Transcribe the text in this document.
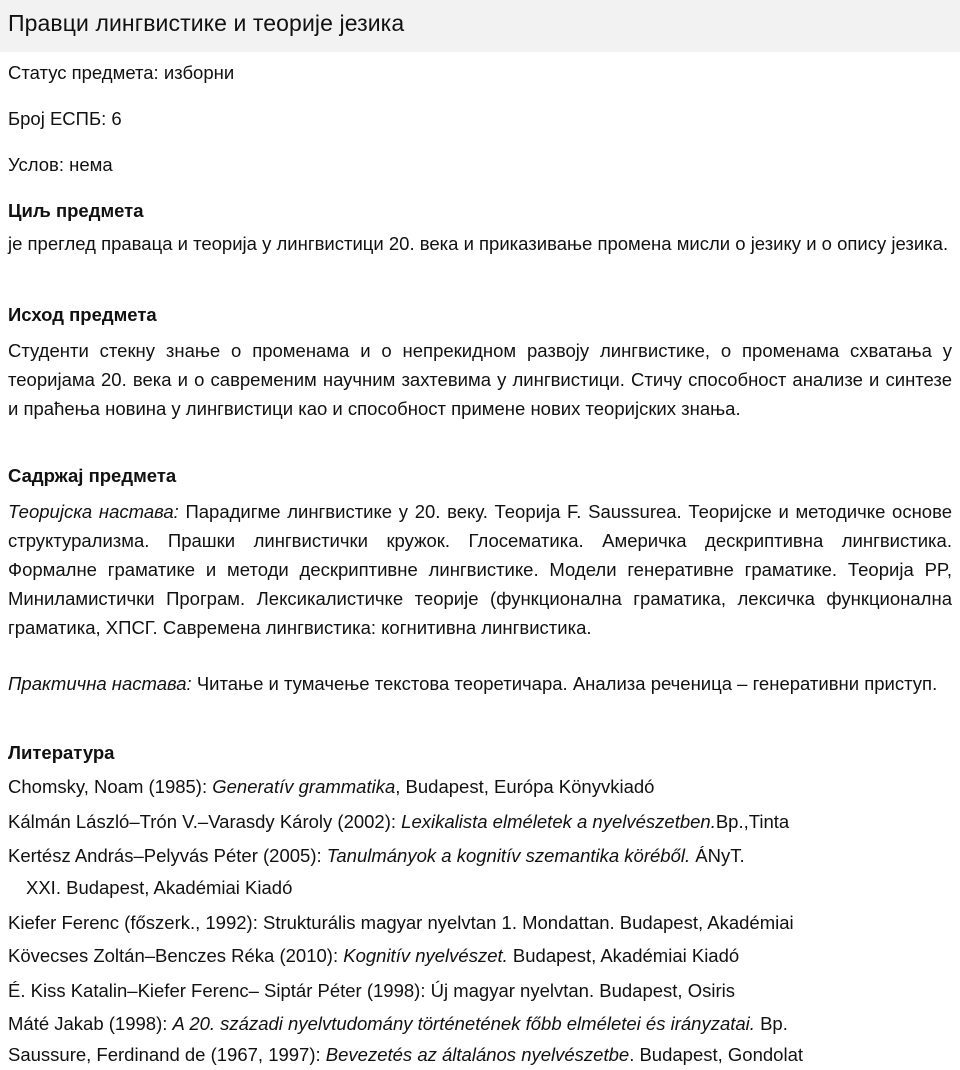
Правци лингвистике и теорије језика
Статус предмета: изборни
Број ЕСПБ: 6
Услов: нема
Циљ предмета
је преглед праваца и теорија у лингвистици 20. века и приказивање промена мисли о језику и о опису језика.
Исход предмета
Студенти стекну знање о променама и о непрекидном развоју лингвистике, о променама схватања у теоријама 20. века и о савременим научним захтевима у лингвистици. Стичу способност анализе и синтезе и праћења новина у лингвистици као и способност примене нових теоријских знања.
Садржај предмета
Теоријска настава: Парадигме лингвистике у 20. веку. Теорија F. Saussurea. Теоријске и методичке основе структурализма. Прашки лингвистички кружок. Глосематика. Америчка дескриптивна лингвистика. Формалне граматике и методи дескриптивне лингвистике. Модели генеративне граматике. Теорија PP, Миниламистички Програм. Лексикалистичке теорије (функционална граматика, лексичка функционална граматика, ХПСГ. Савремена лингвистика: когнитивна лингвистика.
Практична настава: Читање и тумачење текстова теоретичара. Анализа реченица – генеративни приступ.
Литература
Chomsky, Noam (1985): Generatív grammatika, Budapest, Európa Könyvkiadó
Kálmán László–Trón V.–Varasdy Károly (2002): Lexikalista elméletek a nyelvészetben.Bp.,Tinta
Kertész András–Pelyvás Péter (2005): Tanulmányok a kognitív szemantika köréből. ÁNyT.
XXI. Budapest, Akadémiai Kiadó
Kiefer Ferenc (főszerk., 1992): Strukturális magyar nyelvtan 1. Mondattan. Budapest, Akadémiai
Kövecses Zoltán–Benczes Réka (2010): Kognitív nyelvészet. Budapest, Akadémiai Kiadó
É. Kiss Katalin–Kiefer Ferenc– Siptár Péter (1998): Új magyar nyelvtan. Budapest, Osiris
Máté Jakab (1998): A 20. századi nyelvtudomány történetének főbb elméletei és irányzatai. Bp.
Saussure, Ferdinand de (1967, 1997): Bevezetés az általános nyelvészetbe. Budapest, Gondolat
